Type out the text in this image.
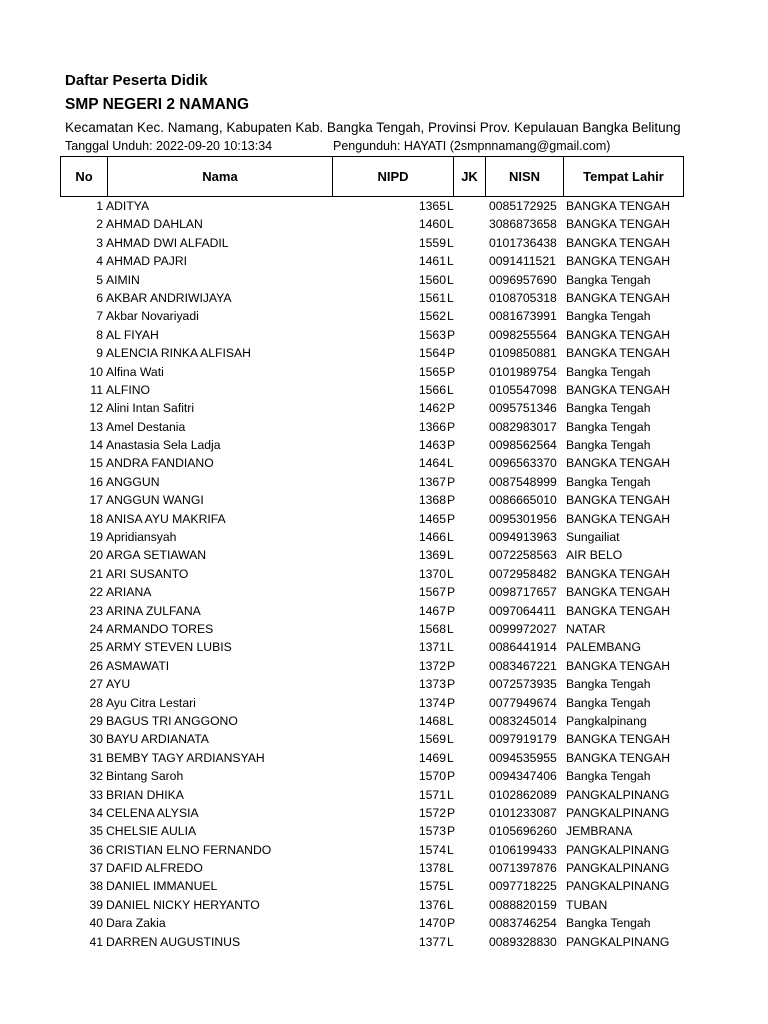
Daftar Peserta Didik
SMP NEGERI 2 NAMANG
Kecamatan Kec. Namang, Kabupaten Kab. Bangka Tengah, Provinsi Prov. Kepulauan Bangka Belitung
Tanggal Unduh: 2022-09-20 10:13:34	Pengunduh: HAYATI (2smpnnamang@gmail.com)
No	Nama	NIPD	JK	NISN	Tempat Lahir
1 ADITYA	1365 L	0085172925 BANGKA TENGAH
2 AHMAD DAHLAN	1460 L	3086873658 BANGKA TENGAH
3 AHMAD DWI ALFADIL	1559 L	0101736438 BANGKA TENGAH
4 AHMAD PAJRI	1461 L	0091411521 BANGKA TENGAH
5 AIMIN	1560 L	0096957690 Bangka Tengah
6 AKBAR ANDRIWIJAYA	1561 L	0108705318 BANGKA TENGAH
7 Akbar Novariyadi	1562 L	0081673991 Bangka Tengah
8 AL FIYAH	1563 P	0098255564 BANGKA TENGAH
9 ALENCIA RINKA ALFISAH	1564 P	0109850881 BANGKA TENGAH
10 Alfina Wati	1565 P	0101989754 Bangka Tengah
11 ALFINO	1566 L	0105547098 BANGKA TENGAH
12 Alini Intan Safitri	1462 P	0095751346 Bangka Tengah
13 Amel Destania	1366 P	0082983017 Bangka Tengah
14 Anastasia Sela Ladja	1463 P	0098562564 Bangka Tengah
15 ANDRA FANDIANO	1464 L	0096563370 BANGKA TENGAH
16 ANGGUN	1367 P	0087548999 Bangka Tengah
17 ANGGUN WANGI	1368 P	0086665010 BANGKA TENGAH
18 ANISA AYU MAKRIFA	1465 P	0095301956 BANGKA TENGAH
19 Apridiansyah	1466 L	0094913963 Sungailiat
20 ARGA SETIAWAN	1369 L	0072258563 AIR BELO
21 ARI SUSANTO	1370 L	0072958482 BANGKA TENGAH
22 ARIANA	1567 P	0098717657 BANGKA TENGAH
23 ARINA ZULFANA	1467 P	0097064411 BANGKA TENGAH
24 ARMANDO TORES	1568 L	0099972027 NATAR
25 ARMY STEVEN LUBIS	1371 L	0086441914 PALEMBANG
26 ASMAWATI	1372 P	0083467221 BANGKA TENGAH
27 AYU	1373 P	0072573935 Bangka Tengah
28 Ayu Citra Lestari	1374 P	0077949674 Bangka Tengah
29 BAGUS TRI ANGGONO	1468 L	0083245014 Pangkalpinang
30 BAYU ARDIANATA	1569 L	0097919179 BANGKA TENGAH
31 BEMBY TAGY ARDIANSYAH	1469 L	0094535955 BANGKA TENGAH
32 Bintang Saroh	1570 P	0094347406 Bangka Tengah
33 BRIAN DHIKA	1571 L	0102862089 PANGKALPINANG
34 CELENA ALYSIA	1572 P	0101233087 PANGKALPINANG
35 CHELSIE AULIA	1573 P	0105696260 JEMBRANA
36 CRISTIAN ELNO FERNANDO	1574 L	0106199433 PANGKALPINANG
37 DAFID ALFREDO	1378 L	0071397876 PANGKALPINANG
38 DANIEL IMMANUEL	1575 L	0097718225 PANGKALPINANG
39 DANIEL NICKY HERYANTO	1376 L	0088820159 TUBAN
40 Dara Zakia	1470 P	0083746254 Bangka Tengah
41 DARREN AUGUSTINUS	1377 L	0089328830 PANGKALPINANG
